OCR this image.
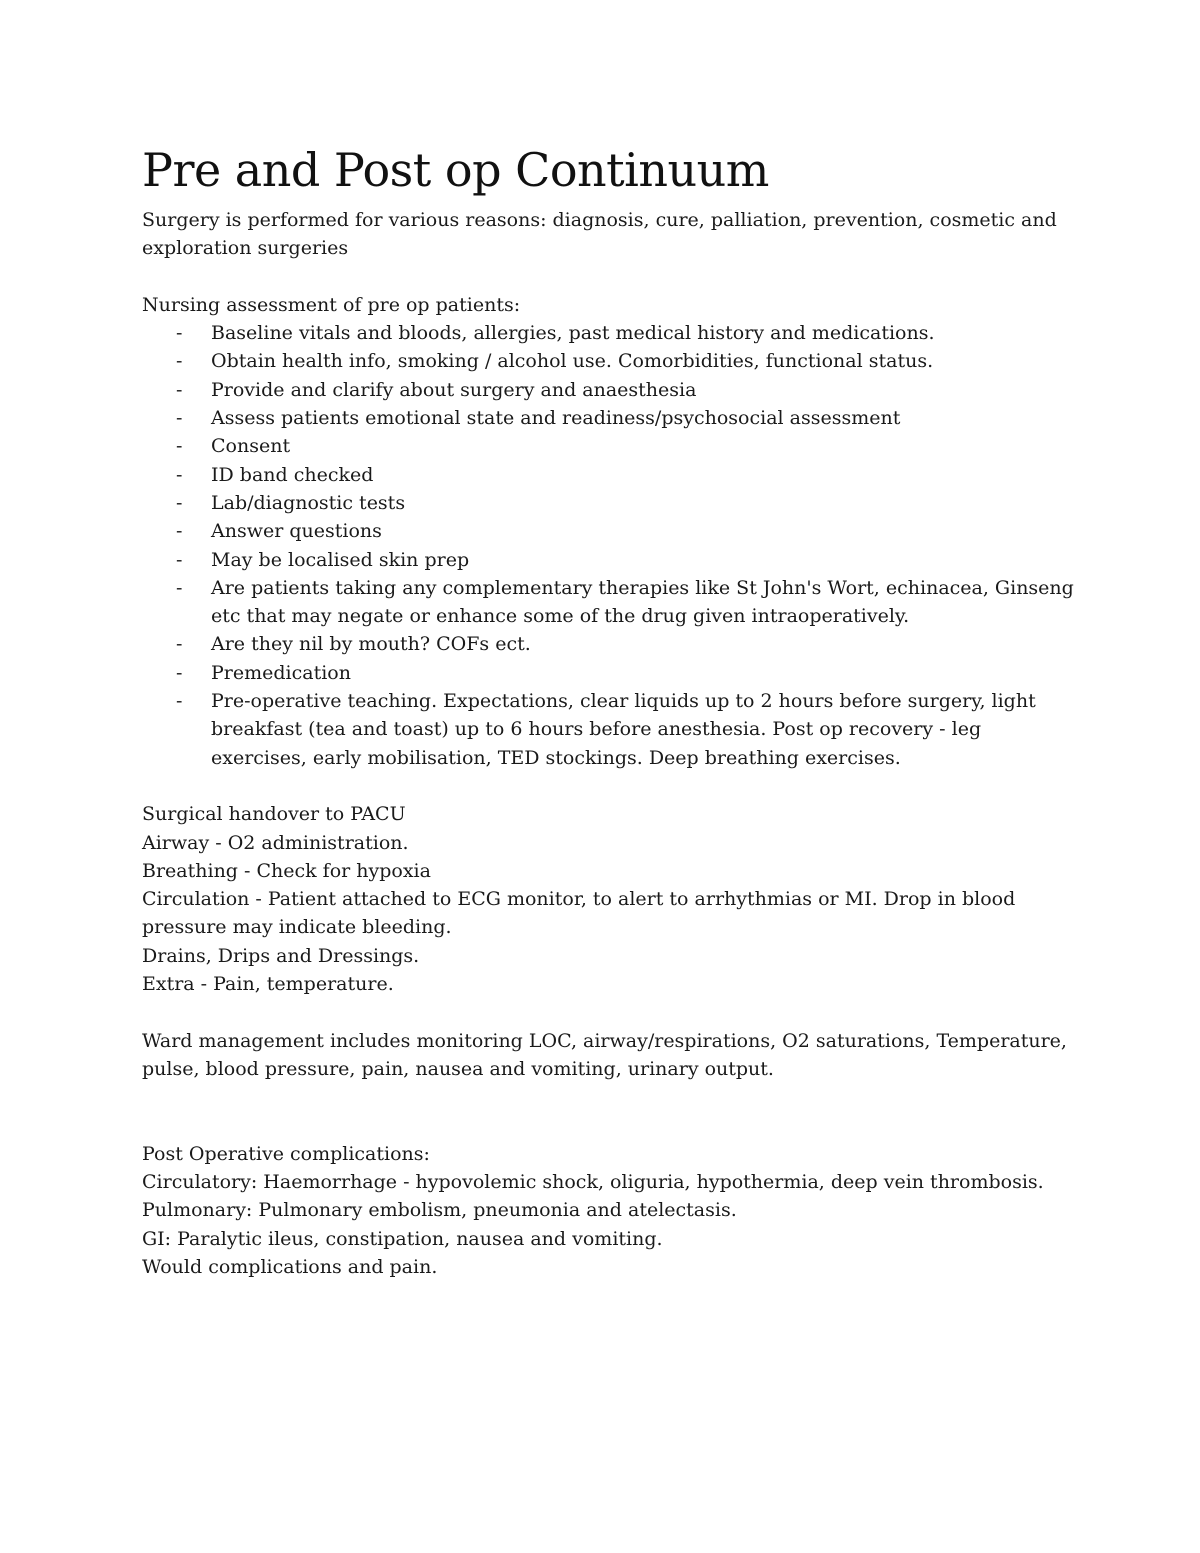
Pre and Post op Continuum

Surgery is performed for various reasons: diagnosis, cure, palliation, prevention, cosmetic and exploration surgeries

Nursing assessment of pre op patients:

- Baseline vitals and bloods, allergies, past medical history and medications.
- Obtain health info, smoking / alcohol use. Comorbidities, functional status.
- Provide and clarify about surgery and anaesthesia
- Assess patients emotional state and readiness/psychosocial assessment
- Consent
- ID band checked
- Lab/diagnostic tests
- Answer questions
- May be localised skin prep
- Are patients taking any complementary therapies like St John's Wort, echinacea, Ginseng etc that may negate or enhance some of the drug given intraoperatively.
- Are they nil by mouth? COFs ect.
- Premedication
- Pre-operative teaching. Expectations, clear liquids up to 2 hours before surgery, light breakfast (tea and toast) up to 6 hours before anesthesia. Post op recovery - leg exercises, early mobilisation, TED stockings. Deep breathing exercises.

Surgical handover to PACU

Airway - O2 administration.

Breathing - Check for hypoxia

Circulation - Patient attached to ECG monitor, to alert to arrhythmias or MI. Drop in blood pressure may indicate bleeding.

Drains, Drips and Dressings.

Extra - Pain, temperature.

Ward management includes monitoring LOC, airway/respirations, O2 saturations, Temperature, pulse, blood pressure, pain, nausea and vomiting, urinary output.

Post Operative complications:

Circulatory: Haemorrhage - hypovolemic shock, oliguria, hypothermia, deep vein thrombosis.

Pulmonary: Pulmonary embolism, pneumonia and atelectasis.

GI: Paralytic ileus, constipation, nausea and vomiting.

Would complications and pain.
